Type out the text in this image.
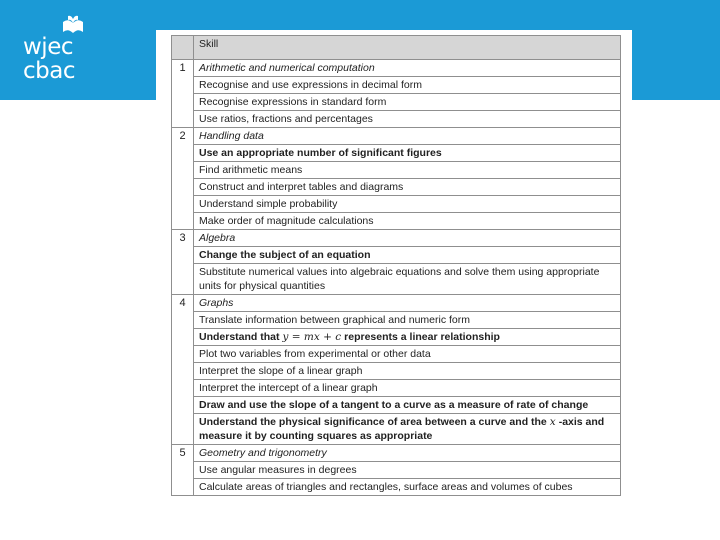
wjec
cbac
	Skill
1	Arithmetic and numerical computation
	Recognise and use expressions in decimal form
	Recognise expressions in standard form
	Use ratios, fractions and percentages
2	Handling data
	Use an appropriate number of significant figures
	Find arithmetic means
	Construct and interpret tables and diagrams
	Understand simple probability
	Make order of magnitude calculations
3	Algebra
	Change the subject of an equation
	Substitute numerical values into algebraic equations and solve them using appropriate units for physical quantities
4	Graphs
	Translate information between graphical and numeric form
	Understand that y = mx + c represents a linear relationship
	Plot two variables from experimental or other data
	Interpret the slope of a linear graph
	Interpret the intercept of a linear graph
	Draw and use the slope of a tangent to a curve as a measure of rate of change
	Understand the physical significance of area between a curve and the x -axis and measure it by counting squares as appropriate
5	Geometry and trigonometry
	Use angular measures in degrees
	Calculate areas of triangles and rectangles, surface areas and volumes of cubes
